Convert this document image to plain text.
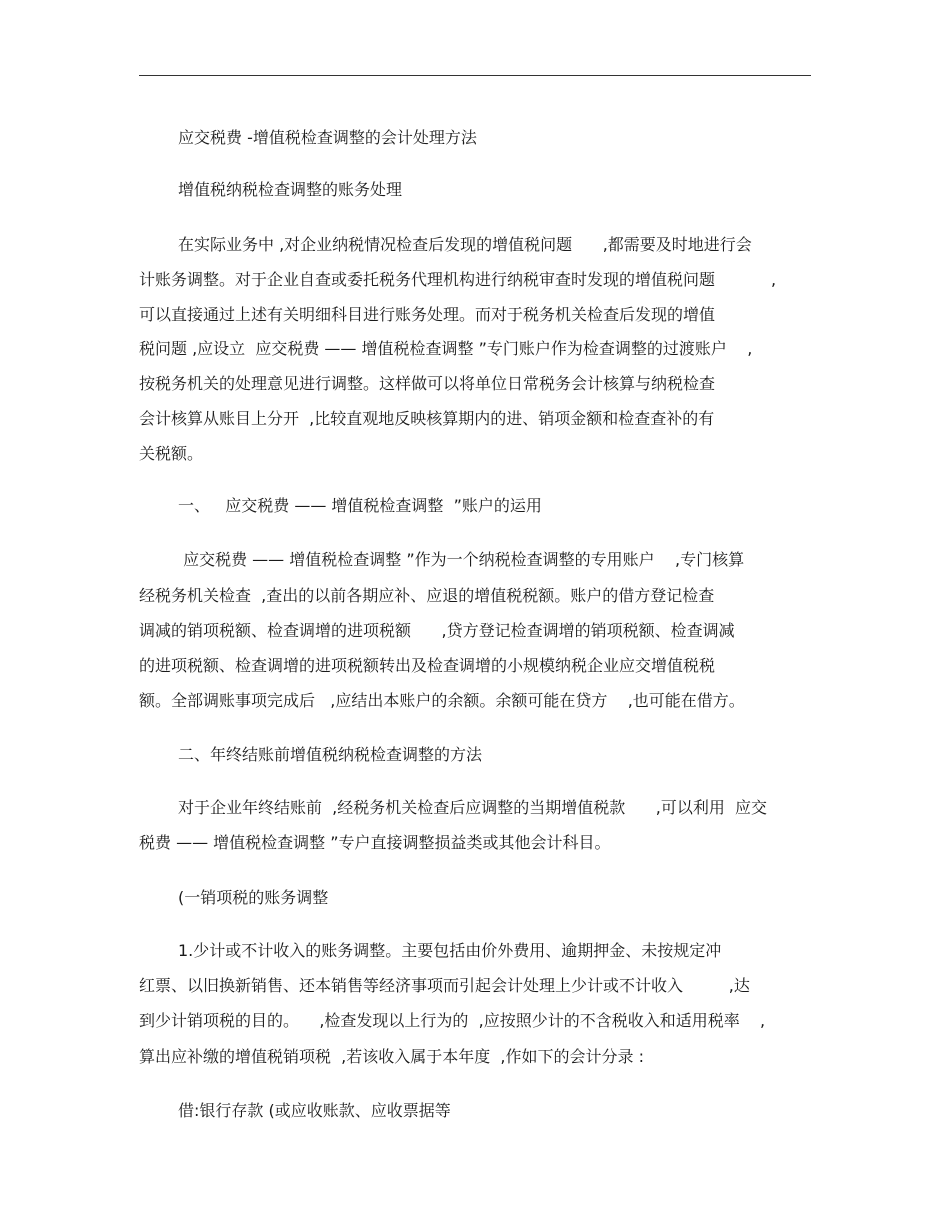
应交税费 -增值税检查调整的会计处理方法
增值税纳税检查调整的账务处理
在实际业务中 ,对企业纳税情况检查后发现的增值税问题      ,都需要及时地进行会
计账务调整。对于企业自查或委托税务代理机构进行纳税审查时发现的增值税问题           ,
可以直接通过上述有关明细科目进行账务处理。而对于税务机关检查后发现的增值
税问题 ,应设立  应交税费 —— 增值税检查调整 ”专门账户作为检查调整的过渡账户    ,
按税务机关的处理意见进行调整。这样做可以将单位日常税务会计核算与纳税检查
会计核算从账目上分开  ,比较直观地反映核算期内的进、销项金额和检查查补的有
关税额。
一、   应交税费 —— 增值税检查调整  ”账户的运用
应交税费 —— 增值税检查调整 ”作为一个纳税检查调整的专用账户    ,专门核算
经税务机关检查  ,查出的以前各期应补、应退的增值税税额。账户的借方登记检查
调减的销项税额、检查调增的进项税额      ,贷方登记检查调增的销项税额、检查调减
的进项税额、检查调增的进项税额转出及检查调增的小规模纳税企业应交增值税税
额。全部调账事项完成后   ,应结出本账户的余额。余额可能在贷方    ,也可能在借方。
二、年终结账前增值税纳税检查调整的方法
对于企业年终结账前  ,经税务机关检查后应调整的当期增值税款      ,可以利用  应交
税费 —— 增值税检查调整 ”专户直接调整损益类或其他会计科目。
(一销项税的账务调整
1.少计或不计收入的账务调整。主要包括由价外费用、逾期押金、未按规定冲
红票、以旧换新销售、还本销售等经济事项而引起会计处理上少计或不计收入         ,达
到少计销项税的目的。    ,检查发现以上行为的  ,应按照少计的不含税收入和适用税率    ,
算出应补缴的增值税销项税  ,若该收入属于本年度  ,作如下的会计分录 :
借:银行存款 (或应收账款、应收票据等
